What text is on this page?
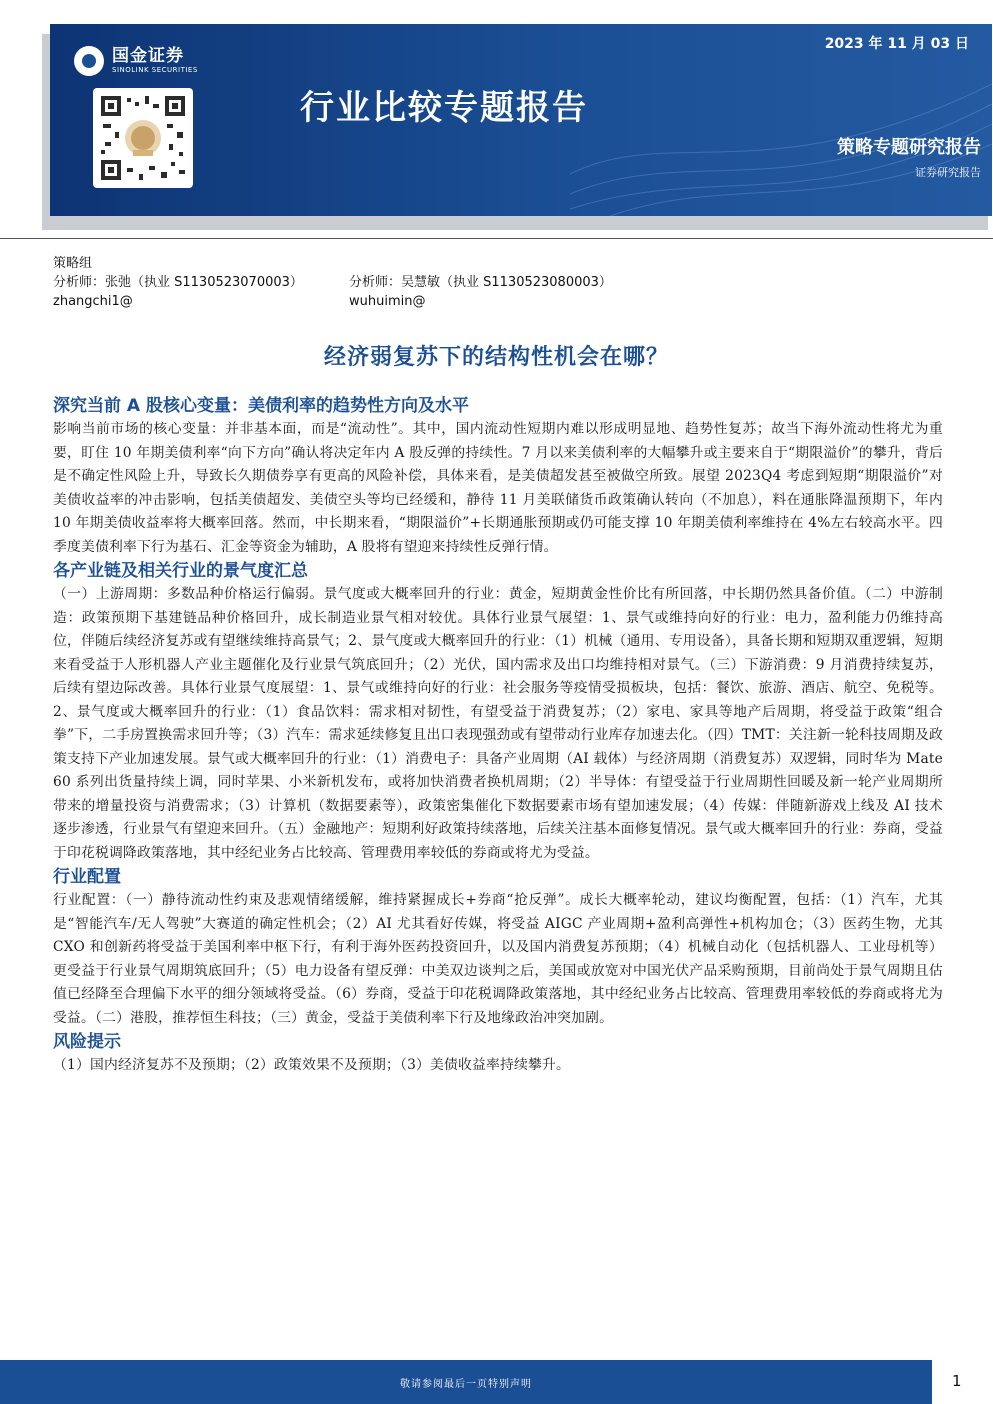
国金证券
SINOLINK SECURITIES
2023 年 11 月 03 日
行业比较专题报告
策略专题研究报告
证券研究报告
策略组
分析师：张弛（执业 S1130523070003）	分析师：吴慧敏（执业 S1130523080003）
zhangchi1@	wuhuimin@
经济弱复苏下的结构性机会在哪？
深究当前 A 股核心变量：美债利率的趋势性方向及水平

影响当前市场的核心变量：并非基本面，而是“流动性”。其中，国内流动性短期内难以形成明显地、趋势性复苏；故当下海外流动性将尤为重要，盯住 10 年期美债利率“向下方向”确认将决定年内 A 股反弹的持续性。7 月以来美债利率的大幅攀升或主要来自于“期限溢价”的攀升，背后是不确定性风险上升，导致长久期债券享有更高的风险补偿，具体来看，是美债超发甚至被做空所致。展望 2023Q4 考虑到短期“期限溢价”对美债收益率的冲击影响，包括美债超发、美债空头等均已经缓和，静待 11 月美联储货币政策确认转向（不加息），料在通胀降温预期下，年内 10 年期美债收益率将大概率回落。然而，中长期来看，“期限溢价”+长期通胀预期或仍可能支撑 10 年期美债利率维持在 4%左右较高水平。四季度美债利率下行为基石、汇金等资金为辅助，A 股将有望迎来持续性反弹行情。

各产业链及相关行业的景气度汇总

（一）上游周期：多数品种价格运行偏弱。景气度或大概率回升的行业：黄金，短期黄金性价比有所回落，中长期仍然具备价值。（二）中游制造：政策预期下基建链品种价格回升，成长制造业景气相对较优。具体行业景气展望：1、景气或维持向好的行业：电力，盈利能力仍维持高位，伴随后续经济复苏或有望继续维持高景气；2、景气度或大概率回升的行业：（1）机械（通用、专用设备），具备长期和短期双重逻辑，短期来看受益于人形机器人产业主题催化及行业景气筑底回升；（2）光伏，国内需求及出口均维持相对景气。（三）下游消费：9 月消费持续复苏，后续有望边际改善。具体行业景气度展望：1、景气或维持向好的行业：社会服务等疫情受损板块，包括：餐饮、旅游、酒店、航空、免税等。2、景气度或大概率回升的行业：（1）食品饮料：需求相对韧性，有望受益于消费复苏；（2）家电、家具等地产后周期，将受益于政策“组合拳”下，二手房置换需求回升等；（3）汽车：需求延续修复且出口表现强劲或有望带动行业库存加速去化。（四）TMT：关注新一轮科技周期及政策支持下产业加速发展。景气或大概率回升的行业：（1）消费电子：具备产业周期（AI 载体）与经济周期（消费复苏）双逻辑，同时华为 Mate 60 系列出货量持续上调，同时苹果、小米新机发布，或将加快消费者换机周期；（2）半导体：有望受益于行业周期性回暖及新一轮产业周期所带来的增量投资与消费需求；（3）计算机（数据要素等），政策密集催化下数据要素市场有望加速发展；（4）传媒：伴随新游戏上线及 AI 技术逐步渗透，行业景气有望迎来回升。（五）金融地产：短期利好政策持续落地，后续关注基本面修复情况。景气或大概率回升的行业：券商，受益于印花税调降政策落地，其中经纪业务占比较高、管理费用率较低的券商或将尤为受益。

行业配置

行业配置：（一）静待流动性约束及悲观情绪缓解，维持紧握成长+券商“抢反弹”。成长大概率轮动，建议均衡配置，包括：（1）汽车，尤其是“智能汽车/无人驾驶”大赛道的确定性机会；（2）AI 尤其看好传媒，将受益 AIGC 产业周期+盈利高弹性+机构加仓；（3）医药生物，尤其 CXO 和创新药将受益于美国利率中枢下行，有利于海外医药投资回升，以及国内消费复苏预期；（4）机械自动化（包括机器人、工业母机等）更受益于行业景气周期筑底回升；（5）电力设备有望反弹：中美双边谈判之后，美国或放宽对中国光伏产品采购预期，目前尚处于景气周期且估值已经降至合理偏下水平的细分领域将受益。（6）券商，受益于印花税调降政策落地，其中经纪业务占比较高、管理费用率较低的券商或将尤为受益。（二）港股，推荐恒生科技；（三）黄金，受益于美债利率下行及地缘政治冲突加剧。

风险提示

（1）国内经济复苏不及预期；（2）政策效果不及预期；（3）美债收益率持续攀升。

敬请参阅最后一页特别声明	1
